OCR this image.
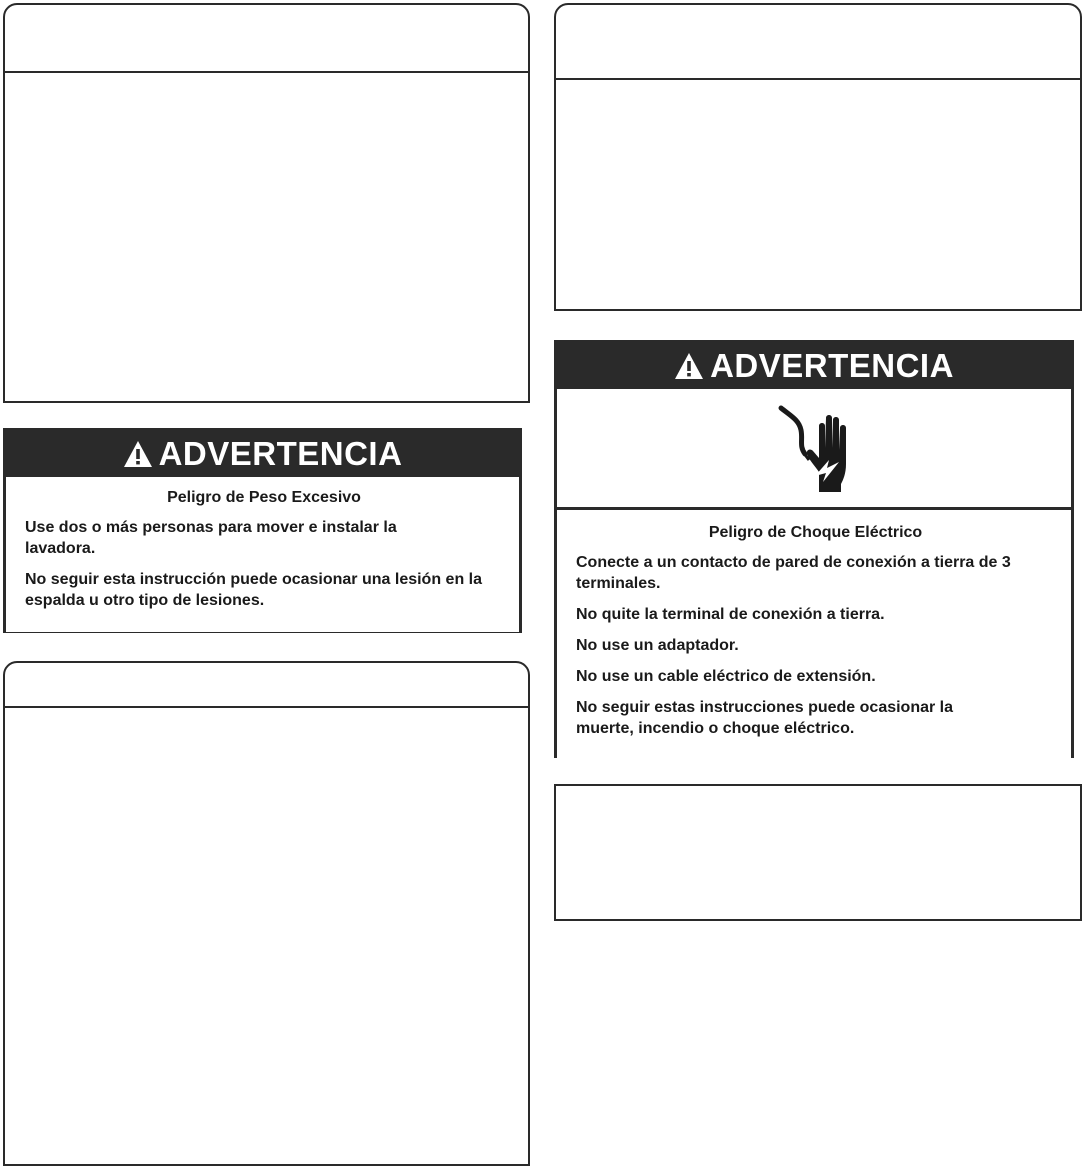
ADVERTENCIA
Peligro de Peso Excesivo

Use dos o más personas para mover e instalar la lavadora.

No seguir esta instrucción puede ocasionar una lesión en la espalda u otro tipo de lesiones.

ADVERTENCIA
Peligro de Choque Eléctrico

Conecte a un contacto de pared de conexión a tierra de 3 terminales.

No quite la terminal de conexión a tierra.

No use un adaptador.

No use un cable eléctrico de extensión.

No seguir estas instrucciones puede ocasionar la muerte, incendio o choque eléctrico.
